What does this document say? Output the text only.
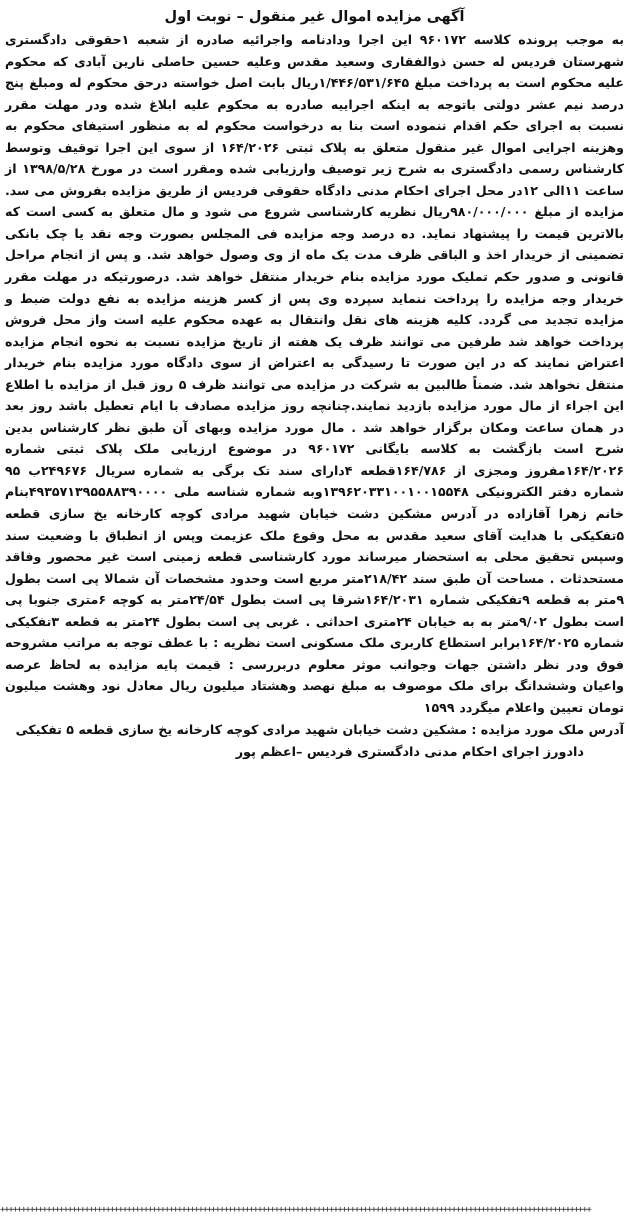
آگهی مزایده اموال غیر منقول – نوبت اول

به موجب پرونده کلاسه ۹۶۰۱۷۲ این اجرا ودادنامه واجرائیه صادره از شعبه ۱حقوقی دادگستری شهرستان فردیس له حسن ذوالفقاری وسعید مقدس وعلیه حسین حاصلی نارین آبادی که محکوم علیه محکوم است به پرداخت مبلغ ۱/۴۴۶/۵۳۱/۶۴۵ریال بابت اصل خواسته درحق محکوم له ومبلغ پنج درصد نیم عشر دولتی باتوجه به اینکه اجراییه صادره به محکوم علیه ابلاغ شده ودر مهلت مقرر نسبت به اجرای حکم اقدام ننموده است بنا به درخواست محکوم له به منظور استیفای محکوم به وهزینه اجرایی اموال غیر منقول متعلق به پلاک ثبتی ۱۶۴/۲۰۲۶ از سوی این اجرا توقیف وتوسط کارشناس رسمی دادگستری به شرح زیر توصیف وارزیابی شده ومقرر است در مورخ ۱۳۹۸/۵/۲۸ از ساعت ۱۱الی ۱۲در محل اجرای احکام مدنی دادگاه حقوقی فردیس از طریق مزایده بفروش می سد. مزایده از مبلغ ۹۸۰/۰۰۰/۰۰۰ریال نظریه کارشناسی شروع می شود و مال متعلق به کسی است که بالاترین قیمت را پیشنهاد نماید. ده درصد وجه مزایده فی المجلس بصورت وجه نقد یا چک بانکی تضمینی از خریدار اخذ و الباقی ظرف مدت یک ماه از وی وصول خواهد شد. و پس از انجام مراحل قانونی و صدور حکم تملیک مورد مزایده بنام خریدار منتقل خواهد شد. درصورتیکه در مهلت مقرر خریدار وجه مزایده را پرداخت ننماید سپرده وی پس از کسر هزینه مزایده به نفع دولت ضبط و مزایده تجدید می گردد. کلیه هزینه های نقل وانتقال به عهده محکوم علیه است واز محل فروش پرداخت خواهد شد طرفین می توانند ظرف یک هفته از تاریخ مزایده نسبت به نحوه انجام مزایده اعتراض نمایند که در این صورت تا رسیدگی به اعتراض از سوی دادگاه مورد مزایده بنام خریدار منتقل نخواهد شد. ضمناً طالبین به شرکت در مزایده می توانند ظرف ۵ روز قبل از مزایده با اطلاع این اجراء از مال مورد مزایده بازدید نمایند.چنانچه روز مزایده مصادف با ایام تعطیل باشد روز بعد در همان ساعت ومکان برگزار خواهد شد . مال مورد مزایده وبهای آن طبق نظر کارشناس بدین شرح است بازگشت به کلاسه بایگانی ۹۶۰۱۷۲ در موضوع ارزیابی ملک پلاک ثبتی شماره ۱۶۴/۲۰۲۶مفروز ومجزی از ۱۶۴/۷۸۶قطعه ۴دارای سند تک برگی به شماره سریال ۲۴۹۶۷۶ب ۹۵ شماره دفتر الکترونیکی ۱۳۹۶۲۰۳۳۱۰۰۱۰۰۱۵۵۴۸وبه شماره شناسه ملی ۴۹۳۵۷۱۳۹۵۵۸۸۳۹۰۰۰۰بنام خانم زهرا آقازاده در آدرس مشکین دشت خیابان شهید مرادی کوچه کارخانه یخ سازی قطعه ۵تفکیکی با هدایت آقای سعید مقدس به محل وقوع ملک عزیمت وپس از انطباق با وضعیت سند وسپس تحقیق محلی به استحضار میرساند مورد کارشناسی قطعه زمینی است غیر محصور وفاقد مستحدثات . مساحت آن طبق سند ۲۱۸/۴۲متر مربع است وحدود مشخصات آن شمالا پی است بطول ۹متر به قطعه ۹تفکیکی شماره ۱۶۴/۲۰۳۱شرقا پی است بطول ۲۴/۵۴متر به کوچه ۶متری جنوبا پی است بطول ۹/۰۲متر به به خیابان ۲۴متری احداثی . غربی پی است بطول ۲۴متر به قطعه ۳تفکیکی شماره ۱۶۴/۲۰۲۵برابر استطاع کاربری ملک مسکونی است نظریه : با عطف توجه به مراتب مشروحه فوق ودر نظر داشتن جهات وجوانب موثر معلوم دربررسی : قیمت پایه مزایده به لحاظ عرصه واعیان وششدانگ برای ملک موصوف به مبلغ نهصد وهشتاد میلیون ریال معادل نود وهشت میلیون تومان تعیین واعلام میگردد ۱۵۹۹

آدرس ملک مورد مزایده : مشکین دشت خیابان شهید مرادی کوچه کارخانه یخ سازی قطعه ۵ تفکیکی

دادورز اجرای احکام مدنی دادگستری فردیس –اعظم پور

++++++++++++++++++++++++++++++++++++++++++++++++++++++++++++++++++++++++++++++++++++++++++++++++++++++++++++++++++++++++++++++++++++++++++++
